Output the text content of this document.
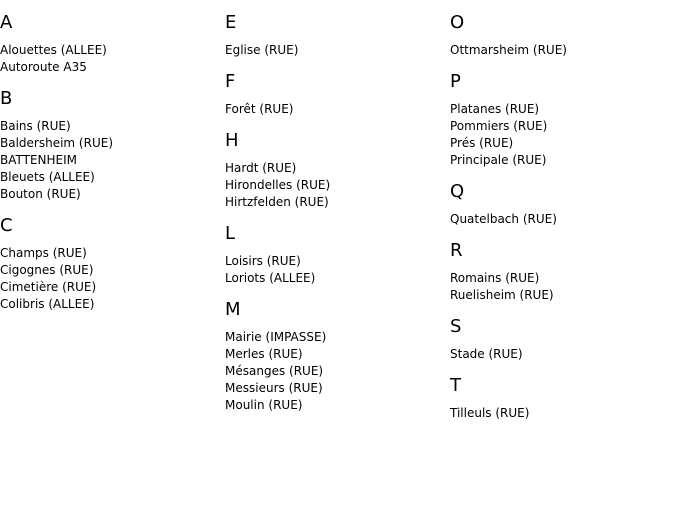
A
Alouettes (ALLEE)
Autoroute A35
B
Bains (RUE)
Baldersheim (RUE)
BATTENHEIM
Bleuets (ALLEE)
Bouton (RUE)
C
Champs (RUE)
Cigognes (RUE)
Cimetière (RUE)
Colibris (ALLEE)
E
Eglise (RUE)
F
Forêt (RUE)
H
Hardt (RUE)
Hirondelles (RUE)
Hirtzfelden (RUE)
L
Loisirs (RUE)
Loriots (ALLEE)
M
Mairie (IMPASSE)
Merles (RUE)
Mésanges (RUE)
Messieurs (RUE)
Moulin (RUE)
O
Ottmarsheim (RUE)
P
Platanes (RUE)
Pommiers (RUE)
Prés (RUE)
Principale (RUE)
Q
Quatelbach (RUE)
R
Romains (RUE)
Ruelisheim (RUE)
S
Stade (RUE)
T
Tilleuls (RUE)
